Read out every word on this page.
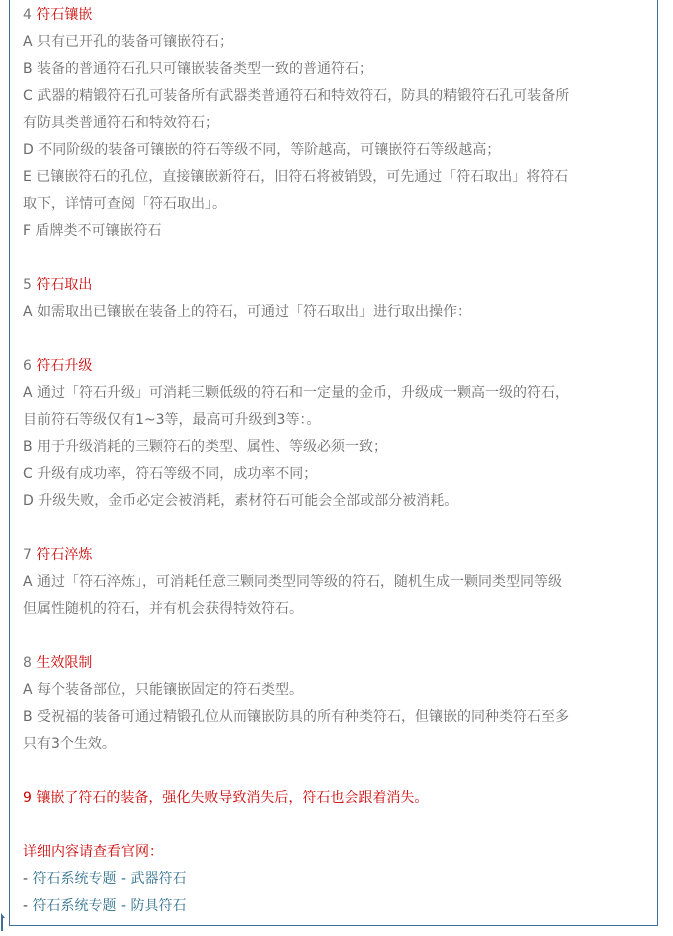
4 符石镶嵌
A 只有已开孔的装备可镶嵌符石；
B 装备的普通符石孔只可镶嵌装备类型一致的普通符石；
C 武器的精锻符石孔可装备所有武器类普通符石和特效符石，防具的精锻符石孔可装备所
有防具类普通符石和特效符石；
D 不同阶级的装备可镶嵌的符石等级不同，等阶越高，可镶嵌符石等级越高；
E 已镶嵌符石的孔位，直接镶嵌新符石，旧符石将被销毁，可先通过「符石取出」将符石
取下，详情可查阅「符石取出」。
F 盾牌类不可镶嵌符石
5 符石取出
A 如需取出已镶嵌在装备上的符石，可通过「符石取出」进行取出操作：
6 符石升级
A 通过「符石升级」可消耗三颗低级的符石和一定量的金币，升级成一颗高一级的符石，
目前符石等级仅有1~3等，最高可升级到3等：。
B 用于升级消耗的三颗符石的类型、属性、等级必须一致；
C 升级有成功率，符石等级不同，成功率不同；
D 升级失败，金币必定会被消耗，素材符石可能会全部或部分被消耗。
7 符石淬炼
A 通过「符石淬炼」，可消耗任意三颗同类型同等级的符石，随机生成一颗同类型同等级
但属性随机的符石，并有机会获得特效符石。
8 生效限制
A 每个装备部位，只能镶嵌固定的符石类型。
B 受祝福的装备可通过精锻孔位从而镶嵌防具的所有种类符石，但镶嵌的同种类符石至多
只有3个生效。
9 镶嵌了符石的装备，强化失败导致消失后，符石也会跟着消失。
详细内容请查看官网：
- 符石系统专题 - 武器符石
- 符石系统专题 - 防具符石
